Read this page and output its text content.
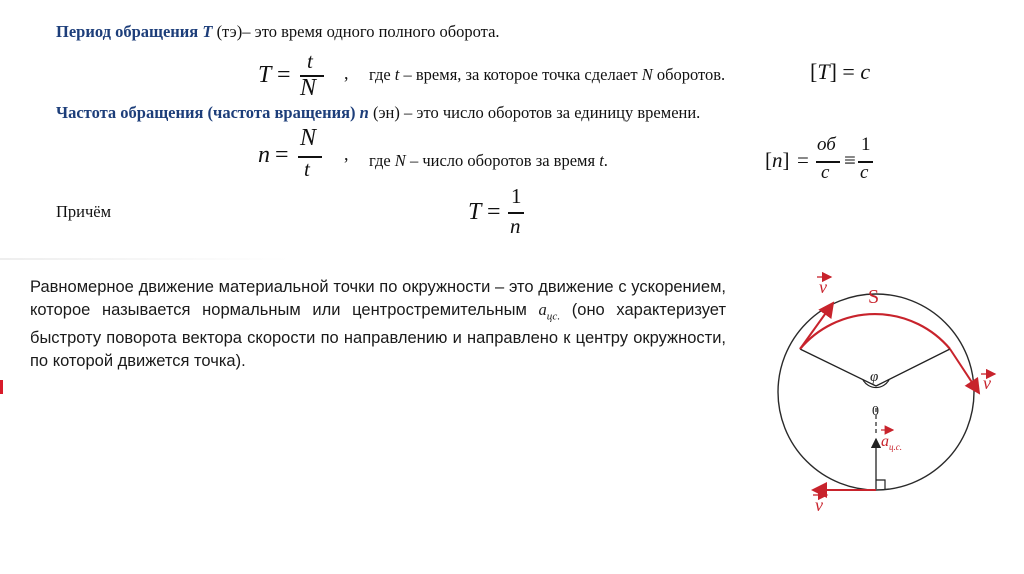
Период обращения T (тэ)– это время одного полного оборота.
T =
t
N
, где t – время, за которое точка сделает N оборотов.	[T] = c
Частота обращения (частота вращения) n (эн) – это число оборотов за единицу времени.
n =
N
t
, где N – число оборотов за время t.	[n] =
об
c
≡
1
c
Причём	T =
1
n
Равномерное движение материальной точки по окружности – это движение с ускорением, которое называется нормальным или центростремительным $a_{цс.}$ (оно характеризует быстроту поворота вектора скорости по направлению и направлено к центру окружности, по которой движется точка).
v S
v
φ
0
$a_{ц.с.}$
v
